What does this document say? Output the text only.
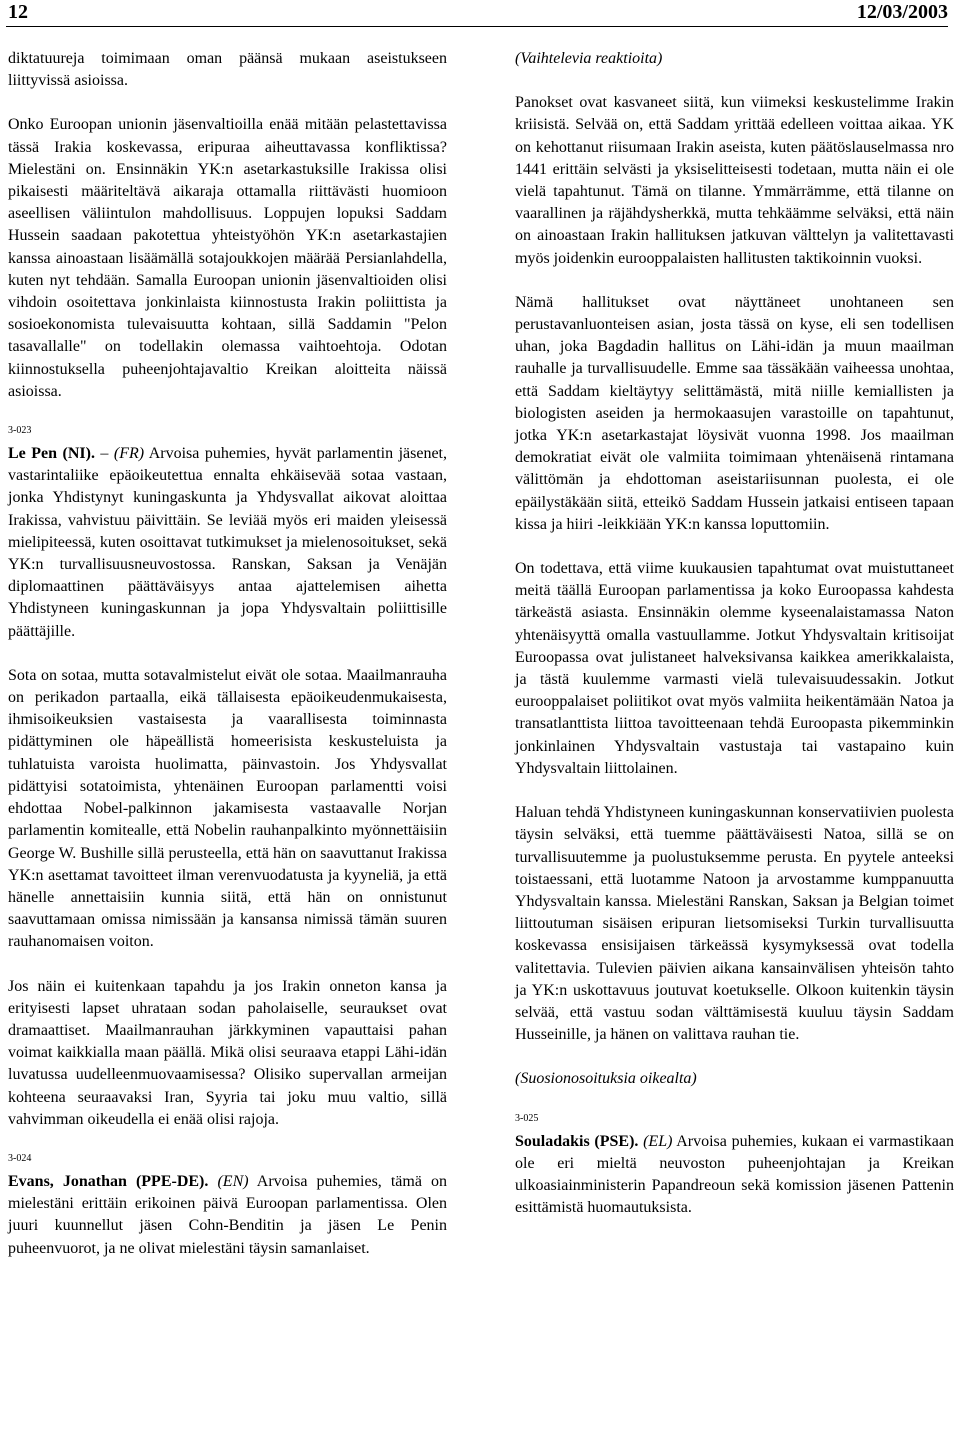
12	12/03/2003

diktatuureja toimimaan oman päänsä mukaan aseistukseen liittyvissä asioissa.

Onko Euroopan unionin jäsenvaltioilla enää mitään pelastettavissa tässä Irakia koskevassa, eripuraa aiheuttavassa konfliktissa? Mielestäni on. Ensinnäkin YK:n asetarkastuksille Irakissa olisi pikaisesti määriteltävä aikaraja ottamalla riittävästi huomioon aseellisen väliintulon mahdollisuus. Loppujen lopuksi Saddam Hussein saadaan pakotettua yhteistyöhön YK:n asetarkastajien kanssa ainoastaan lisäämällä sotajoukkojen määrää Persianlahdella, kuten nyt tehdään. Samalla Euroopan unionin jäsenvaltioiden olisi vihdoin osoitettava jonkinlaista kiinnostusta Irakin poliittista ja sosioekonomista tulevaisuutta kohtaan, sillä Saddamin "Pelon tasavallalle" on todellakin olemassa vaihtoehtoja. Odotan kiinnostuksella puheenjohtajavaltio Kreikan aloitteita näissä asioissa.

3-023

Le Pen (NI). – (FR) Arvoisa puhemies, hyvät parlamentin jäsenet, vastarintaliike epäoikeutettua ennalta ehkäisevää sotaa vastaan, jonka Yhdistynyt kuningaskunta ja Yhdysvallat aikovat aloittaa Irakissa, vahvistuu päivittäin. Se leviää myös eri maiden yleisessä mielipiteessä, kuten osoittavat tutkimukset ja mielenosoitukset, sekä YK:n turvallisuusneuvostossa. Ranskan, Saksan ja Venäjän diplomaattinen päättäväisyys antaa ajattelemisen aihetta Yhdistyneen kuningaskunnan ja jopa Yhdysvaltain poliittisille päättäjille.

Sota on sotaa, mutta sotavalmistelut eivät ole sotaa. Maailmanrauha on perikadon partaalla, eikä tällaisesta epäoikeudenmukaisesta, ihmisoikeuksien vastaisesta ja vaarallisesta toiminnasta pidättyminen ole häpeällistä homeerisista keskusteluista ja tuhlatuista varoista huolimatta, päinvastoin. Jos Yhdysvallat pidättyisi sotatoimista, yhtenäinen Euroopan parlamentti voisi ehdottaa Nobel-palkinnon jakamisesta vastaavalle Norjan parlamentin komitealle, että Nobelin rauhanpalkinto myönnettäisiin George W. Bushille sillä perusteella, että hän on saavuttanut Irakissa YK:n asettamat tavoitteet ilman verenvuodatusta ja kyyneliä, ja että hänelle annettaisiin kunnia siitä, että hän on onnistunut saavuttamaan omissa nimissään ja kansansa nimissä tämän suuren rauhanomaisen voiton.

Jos näin ei kuitenkaan tapahdu ja jos Irakin onneton kansa ja erityisesti lapset uhrataan sodan paholaiselle, seuraukset ovat dramaattiset. Maailmanrauhan järkkyminen vapauttaisi pahan voimat kaikkialla maan päällä. Mikä olisi seuraava etappi Lähi-idän luvatussa uudelleenmuovaamisessa? Olisiko supervallan armeijan kohteena seuraavaksi Iran, Syyria tai joku muu valtio, sillä vahvimman oikeudella ei enää olisi rajoja.

3-024

Evans, Jonathan (PPE-DE). (EN) Arvoisa puhemies, tämä on mielestäni erittäin erikoinen päivä Euroopan parlamentissa. Olen juuri kuunnellut jäsen Cohn-Benditin ja jäsen Le Penin puheenvuorot, ja ne olivat mielestäni täysin samanlaiset.

(Vaihtelevia reaktioita)

Panokset ovat kasvaneet siitä, kun viimeksi keskustelimme Irakin kriisistä. Selvää on, että Saddam yrittää edelleen voittaa aikaa. YK on kehottanut riisumaan Irakin aseista, kuten päätöslauselmassa nro 1441 erittäin selvästi ja yksiselitteisesti todetaan, mutta näin ei ole vielä tapahtunut. Tämä on tilanne. Ymmärrämme, että tilanne on vaarallinen ja räjähdysherkkä, mutta tehkäämme selväksi, että näin on ainoastaan Irakin hallituksen jatkuvan välttelyn ja valitettavasti myös joidenkin eurooppalaisten hallitusten taktikoinnin vuoksi.

Nämä hallitukset ovat näyttäneet unohtaneen sen perustavanluonteisen asian, josta tässä on kyse, eli sen todellisen uhan, joka Bagdadin hallitus on Lähi-idän ja muun maailman rauhalle ja turvallisuudelle. Emme saa tässäkään vaiheessa unohtaa, että Saddam kieltäytyy selittämästä, mitä niille kemiallisten ja biologisten aseiden ja hermokaasujen varastoille on tapahtunut, jotka YK:n asetarkastajat löysivät vuonna 1998. Jos maailman demokratiat eivät ole valmiita toimimaan yhtenäisenä rintamana välittömän ja ehdottoman aseistariisunnan puolesta, ei ole epäilystäkään siitä, etteikö Saddam Hussein jatkaisi entiseen tapaan kissa ja hiiri -leikkiään YK:n kanssa loputtomiin.

On todettava, että viime kuukausien tapahtumat ovat muistuttaneet meitä täällä Euroopan parlamentissa ja koko Euroopassa kahdesta tärkeästä asiasta. Ensinnäkin olemme kyseenalaistamassa Naton yhtenäisyyttä omalla vastuullamme. Jotkut Yhdysvaltain kritisoijat Euroopassa ovat julistaneet halveksivansa kaikkea amerikkalaista, ja tästä kuulemme varmasti vielä tulevaisuudessakin. Jotkut eurooppalaiset poliitikot ovat myös valmiita heikentämään Natoa ja transatlanttista liittoa tavoitteenaan tehdä Euroopasta pikemminkin jonkinlainen Yhdysvaltain vastustaja tai vastapaino kuin Yhdysvaltain liittolainen.

Haluan tehdä Yhdistyneen kuningaskunnan konservatiivien puolesta täysin selväksi, että tuemme päättäväisesti Natoa, sillä se on turvallisuutemme ja puolustuksemme perusta. En pyytele anteeksi toistaessani, että luotamme Natoon ja arvostamme kumppanuutta Yhdysvaltain kanssa. Mielestäni Ranskan, Saksan ja Belgian toimet liittoutuman sisäisen eripuran lietsomiseksi Turkin turvallisuutta koskevassa ensisijaisen tärkeässä kysymyksessä ovat todella valitettavia. Tulevien päivien aikana kansainvälisen yhteisön tahto ja YK:n uskottavuus joutuvat koetukselle. Olkoon kuitenkin täysin selvää, että vastuu sodan välttämisestä kuuluu täysin Saddam Husseinille, ja hänen on valittava rauhan tie.

(Suosionosoituksia oikealta)

3-025

Souladakis (PSE). (EL) Arvoisa puhemies, kukaan ei varmastikaan ole eri mieltä neuvoston puheenjohtajan ja Kreikan ulkoasiainministerin Papandreoun sekä komission jäsenen Pattenin esittämistä huomautuksista.
